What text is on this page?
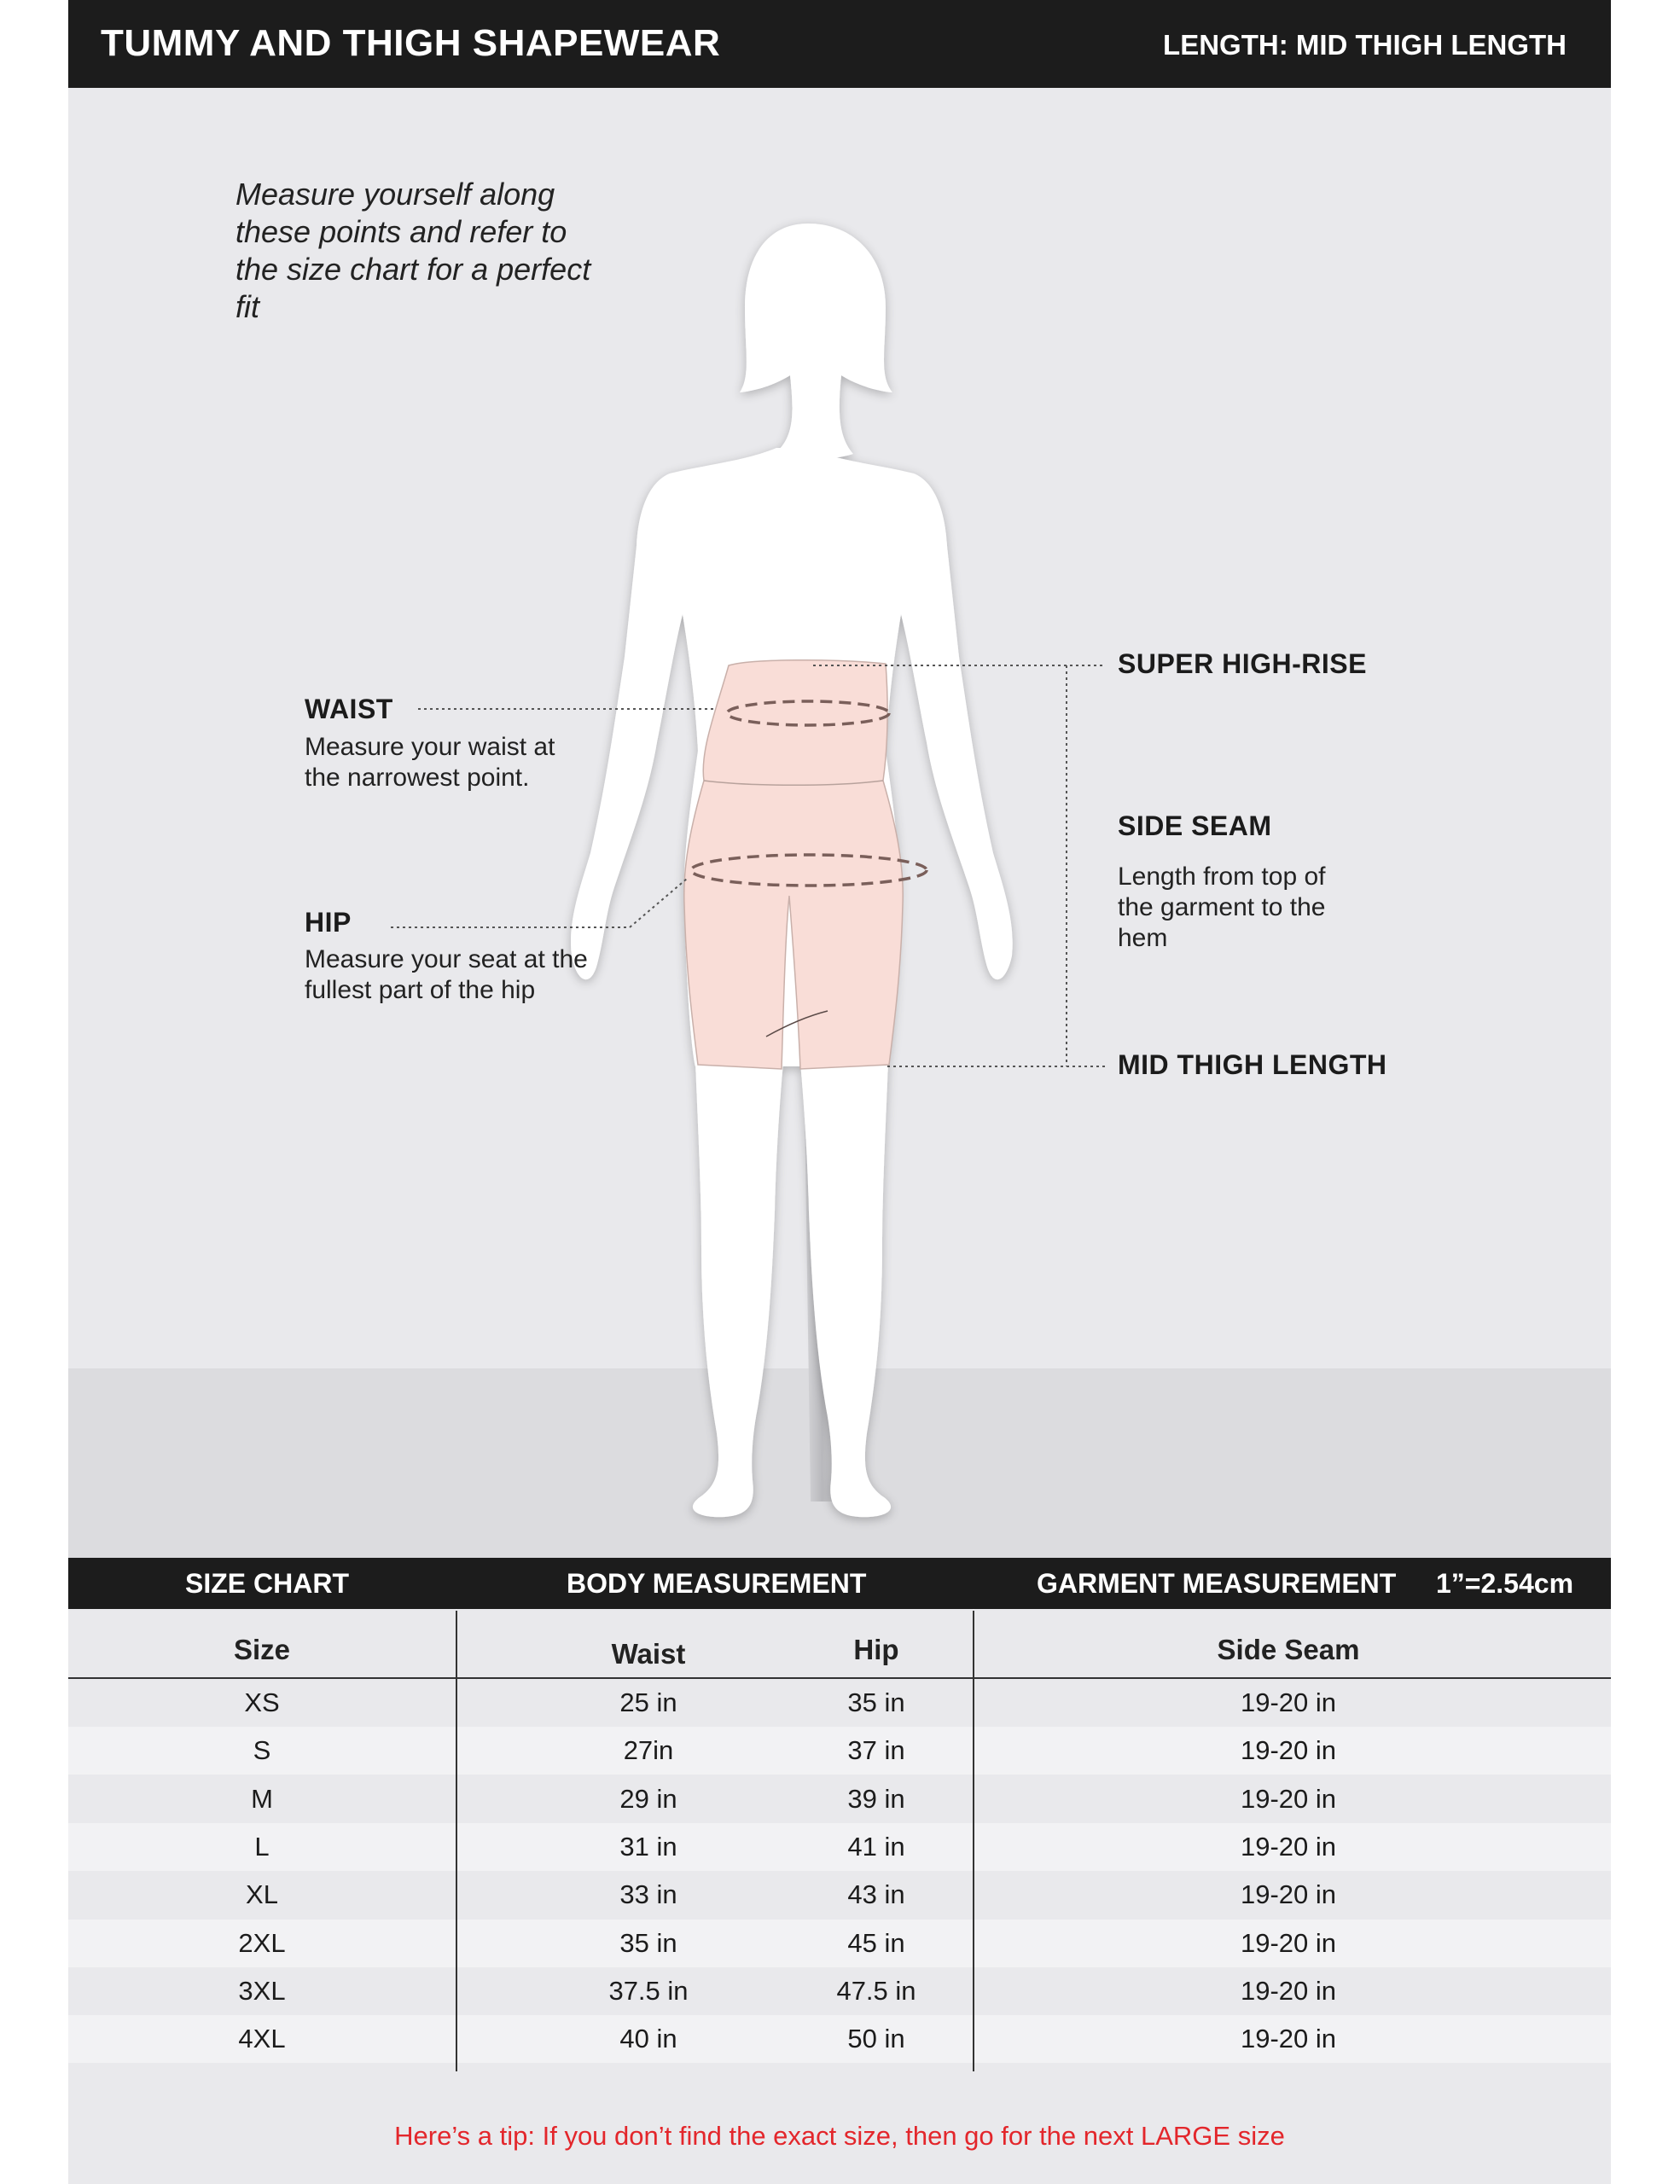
TUMMY AND THIGH SHAPEWEAR	LENGTH: MID THIGH LENGTH
Measure yourself along these points and refer to the size chart for a perfect fit
WAIST
Measure your waist at the narrowest point.
HIP
Measure your seat at the fullest part of the hip
SUPER HIGH-RISE
SIDE SEAM
Length from top of the garment to the hem
MID THIGH LENGTH
SIZE CHART	BODY MEASUREMENT	GARMENT MEASUREMENT 1”=2.54cm
Size	Waist	Hip	Side Seam
XS	25 in	35 in	19-20 in
S	27in	37 in	19-20 in
M	29 in	39 in	19-20 in
L	31 in	41 in	19-20 in
XL	33 in	43 in	19-20 in
2XL	35 in	45 in	19-20 in
3XL	37.5 in	47.5 in	19-20 in
4XL	40 in	50 in	19-20 in
Here’s a tip: If you don’t find the exact size, then go for the next LARGE size
